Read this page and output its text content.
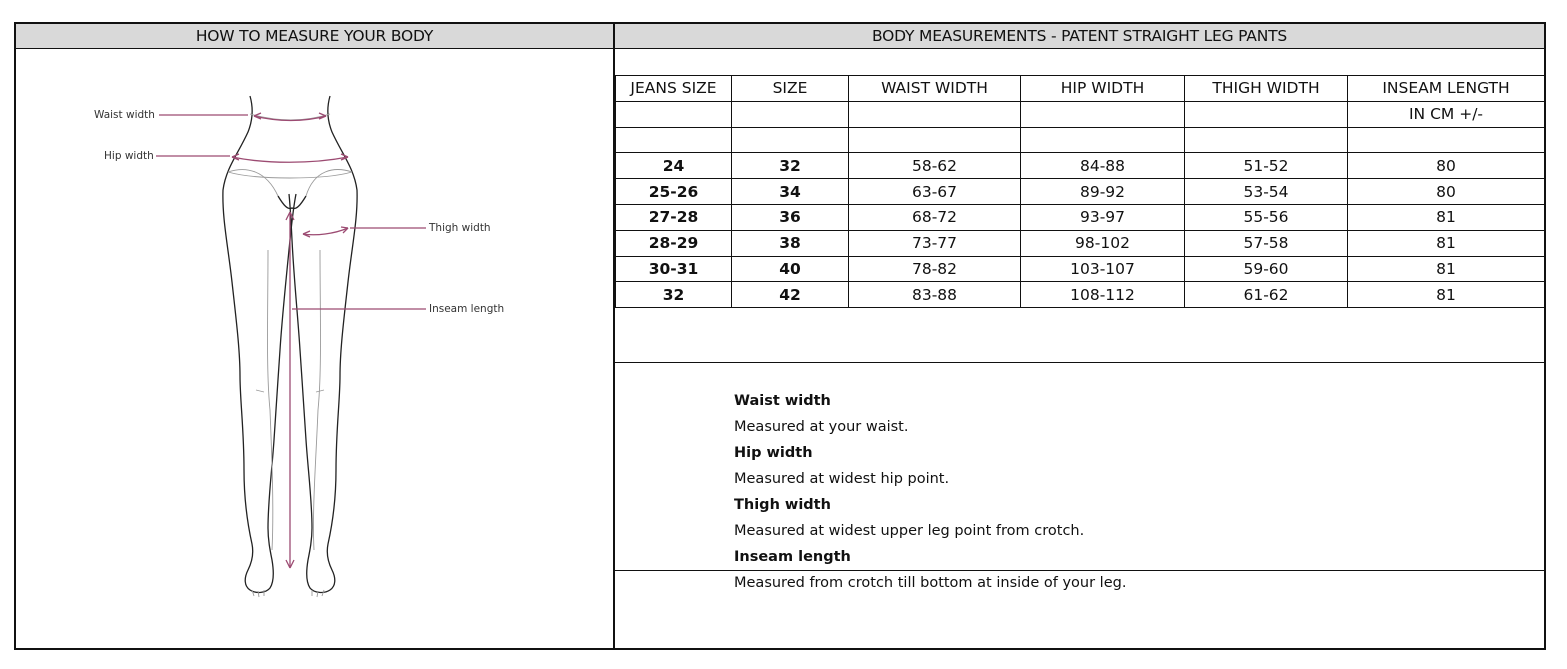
HOW TO MEASURE YOUR BODY	BODY MEASUREMENTS - PATENT STRAIGHT LEG PANTS
Waist width
Hip width
Thigh width
Inseam length
JEANS SIZE	SIZE	WAIST WIDTH	HIP WIDTH	THIGH WIDTH	INSEAM LENGTH
					IN CM +/-

24	32	58-62	84-88	51-52	80
25-26	34	63-67	89-92	53-54	80
27-28	36	68-72	93-97	55-56	81
28-29	38	73-77	98-102	57-58	81
30-31	40	78-82	103-107	59-60	81
32	42	83-88	108-112	61-62	81
Waist width
Measured at your waist.
Hip width
Measured at widest hip point.
Thigh width
Measured at widest upper leg point from crotch.
Inseam length
Measured from crotch till bottom at inside of your leg.
